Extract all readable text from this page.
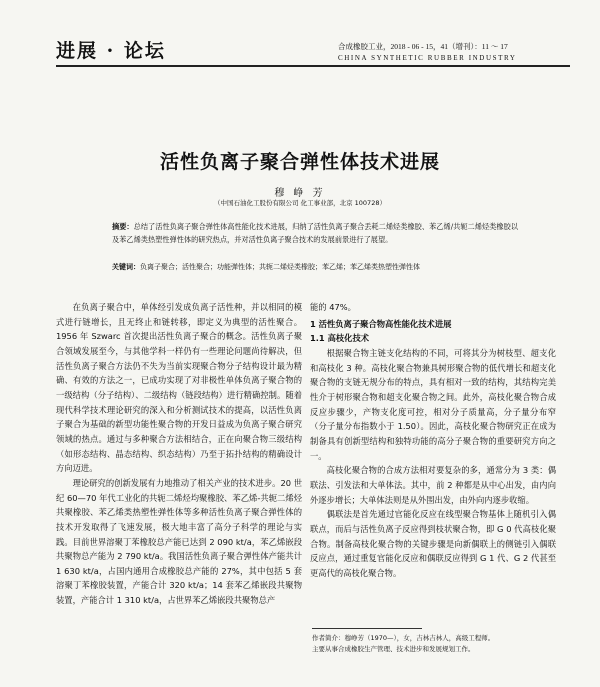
进展 · 论坛	合成橡胶工业，2018 - 06 - 15，41（增刊）：11 ～ 17
CHINA SYNTHETIC RUBBER INDUSTRY
活性负离子聚合弹性体技术进展
穆 峥 芳
（中国石油化工股份有限公司 化工事业部，北京 100728）
摘要：总结了活性负离子聚合弹性体高性能化技术进展，归纳了活性负离子聚合丢耗二烯烃类橡胶、苯乙烯/共轭二烯烃类橡胶以及苯乙烯类热塑性弹性体的研究热点，并对活性负离子聚合技术的发展前景进行了展望。
关键词：负离子聚合；活性聚合；功能弹性体；共轭二烯烃类橡胶；苯乙烯；苯乙烯类热塑性弹性体

在负离子聚合中，单体经引发成负离子活性种，并以相同的模式进行链增长，且无终止和链转移，即定义为典型的活性聚合。1956 年 Szwarc 首次提出活性负离子聚合的概念。活性负离子聚合领域发展至今，与其他学科一样仍有一些理论问题尚待解决，但活性负离子聚合方法仍不失为当前实现聚合物分子结构设计最为精确、有效的方法之一，已成功实现了对非极性单体负离子聚合物的一级结构（分子结构）、二级结构（链段结构）进行精确控制。随着现代科学技术理论研究的深入和分析测试技术的提高，以活性负离子聚合为基础的新型功能性聚合物的开发日益成为负离子聚合研究领域的热点。通过与多种聚合方法相结合，正在向聚合物三级结构（如形态结构、晶态结构、织态结构）乃至于拓扑结构的精确设计方向迈进。

理论研究的创新发展有力地推动了相关产业的技术进步。20 世纪 60—70 年代工业化的共轭二烯烃均聚橡胶、苯乙烯-共轭二烯烃共聚橡胶、苯乙烯类热塑性弹性体等多种活性负离子聚合弹性体的技术开发取得了飞速发展，极大地丰富了高分子科学的理论与实践。目前世界溶聚丁苯橡胶总产能已达到 2 090 kt/a，苯乙烯嵌段共聚物总产能为 2 790 kt/a。我国活性负离子聚合弹性体产能共计 1 630 kt/a，占国内通用合成橡胶总产能的 27%，其中包括 5 套溶聚丁苯橡胶装置，产能合计 320 kt/a；14 套苯乙烯嵌段共聚物装置，产能合计 1 310 kt/a，占世界苯乙烯嵌段共聚物总产

能的 47%。

1 活性负离子聚合物高性能化技术进展

1.1 高枝化技术

根据聚合物主链支化结构的不同，可将其分为树枝型、超支化和高枝化 3 种。高枝化聚合物兼具树形聚合物的低代增长和超支化聚合物的支链无规分布的特点，具有相对一致的结构，其结构完美性介于树形聚合物和超支化聚合物之间。此外，高枝化聚合物合成反应步骤少，产物支化度可控，相对分子质量高，分子量分布窄（分子量分布指数小于 1.50）。因此，高枝化聚合物研究正在成为制备具有创新型结构和独特功能的高分子聚合物的重要研究方向之一。

高枝化聚合物的合成方法相对要复杂的多，通常分为 3 类：偶联法、引发法和大单体法。其中，前 2 种都是从中心出发，由内向外逐步增长；大单体法则是从外围出发，由外向内逐步收缩。

偶联法是首先通过官能化反应在线型聚合物基体上随机引入偶联点，而后与活性负离子反应得到枝状聚合物，即 G 0 代高枝化聚合物。制备高枝化聚合物的关键步骤是向新偶联上的侧链引入偶联反应点，通过重复官能化反应和偶联反应得到 G 1 代、G 2 代甚至更高代的高枝化聚合物。

作者简介：穆峥芳（1970—），女，吉林吉林人，高级工程师。
主要从事合成橡胶生产管理、技术进步和发展规划工作。
